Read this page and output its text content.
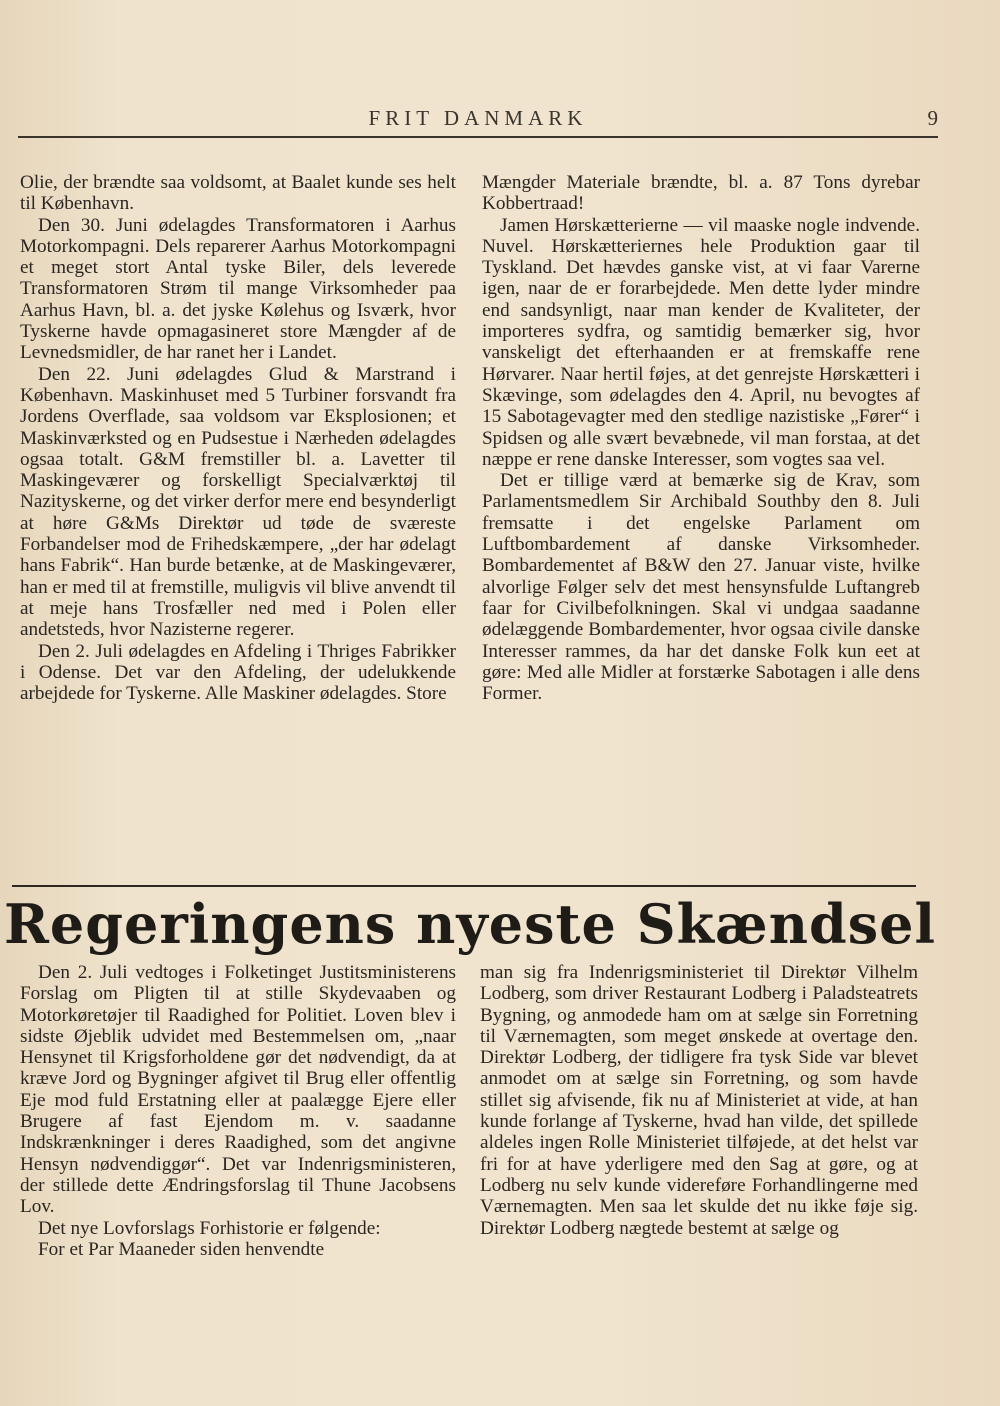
FRIT DANMARK	9

Olie, der brændte saa voldsomt, at Baalet kunde ses helt til København.

Den 30. Juni ødelagdes Transformatoren i Aarhus Motorkompagni. Dels reparerer Aarhus Motorkompagni et meget stort Antal tyske Biler, dels leverede Transformatoren Strøm til mange Virksomheder paa Aarhus Havn, bl. a. det jyske Kølehus og Isværk, hvor Tyskerne havde opmagasineret store Mængder af de Levnedsmidler, de har ranet her i Landet.

Den 22. Juni ødelagdes Glud & Marstrand i København. Maskinhuset med 5 Turbiner forsvandt fra Jordens Overflade, saa voldsom var Eksplosionen; et Maskinværksted og en Pudsestue i Nærheden ødelagdes ogsaa totalt. G&M fremstiller bl. a. Lavetter til Maskingeværer og forskelligt Specialværktøj til Nazityskerne, og det virker derfor mere end besynderligt at høre G&Ms Direktør ud tøde de sværeste Forbandelser mod de Frihedskæmpere, „der har ødelagt hans Fabrik“. Han burde betænke, at de Maskingeværer, han er med til at fremstille, muligvis vil blive anvendt til at meje hans Trosfæller ned med i Polen eller andetsteds, hvor Nazisterne regerer.

Den 2. Juli ødelagdes en Afdeling i Thriges Fabrikker i Odense. Det var den Afdeling, der udelukkende arbejdede for Tyskerne. Alle Maskiner ødelagdes. Store

Mængder Materiale brændte, bl. a. 87 Tons dyrebar Kobbertraad!

Jamen Hørskætterierne — vil maaske nogle indvende. Nuvel. Hørskætteriernes hele Produktion gaar til Tyskland. Det hævdes ganske vist, at vi faar Varerne igen, naar de er forarbejdede. Men dette lyder mindre end sandsynligt, naar man kender de Kvaliteter, der importeres sydfra, og samtidig bemærker sig, hvor vanskeligt det efterhaanden er at fremskaffe rene Hørvarer. Naar hertil føjes, at det genrejste Hørskætteri i Skævinge, som ødelagdes den 4. April, nu bevogtes af 15 Sabotagevagter med den stedlige nazistiske „Fører“ i Spidsen og alle svært bevæbnede, vil man forstaa, at det næppe er rene danske Interesser, som vogtes saa vel.

Det er tillige værd at bemærke sig de Krav, som Parlamentsmedlem Sir Archibald Southby den 8. Juli fremsatte i det engelske Parlament om Luftbombardement af danske Virksomheder. Bombardementet af B&W den 27. Januar viste, hvilke alvorlige Følger selv det mest hensynsfulde Luftangreb faar for Civilbefolkningen. Skal vi undgaa saadanne ødelæggende Bombardementer, hvor ogsaa civile danske Interesser rammes, da har det danske Folk kun eet at gøre: Med alle Midler at forstærke Sabotagen i alle dens Former.

Regeringens nyeste Skændsel

Den 2. Juli vedtoges i Folketinget Justitsministerens Forslag om Pligten til at stille Skydevaaben og Motorkøretøjer til Raadighed for Politiet. Loven blev i sidste Øjeblik udvidet med Bestemmelsen om, „naar Hensynet til Krigsforholdene gør det nødvendigt, da at kræve Jord og Bygninger afgivet til Brug eller offentlig Eje mod fuld Erstatning eller at paalægge Ejere eller Brugere af fast Ejendom m. v. saadanne Indskrænkninger i deres Raadighed, som det angivne Hensyn nødvendiggør“. Det var Indenrigsministeren, der stillede dette Ændringsforslag til Thune Jacobsens Lov.

Det nye Lovforslags Forhistorie er følgende:

For et Par Maaneder siden henvendte

man sig fra Indenrigsministeriet til Direktør Vilhelm Lodberg, som driver Restaurant Lodberg i Paladsteatrets Bygning, og anmodede ham om at sælge sin Forretning til Værnemagten, som meget ønskede at overtage den. Direktør Lodberg, der tidligere fra tysk Side var blevet anmodet om at sælge sin Forretning, og som havde stillet sig afvisende, fik nu af Ministeriet at vide, at han kunde forlange af Tyskerne, hvad han vilde, det spillede aldeles ingen Rolle Ministeriet tilføjede, at det helst var fri for at have yderligere med den Sag at gøre, og at Lodberg nu selv kunde videreføre Forhandlingerne med Værnemagten. Men saa let skulde det nu ikke føje sig. Direktør Lodberg nægtede bestemt at sælge og
